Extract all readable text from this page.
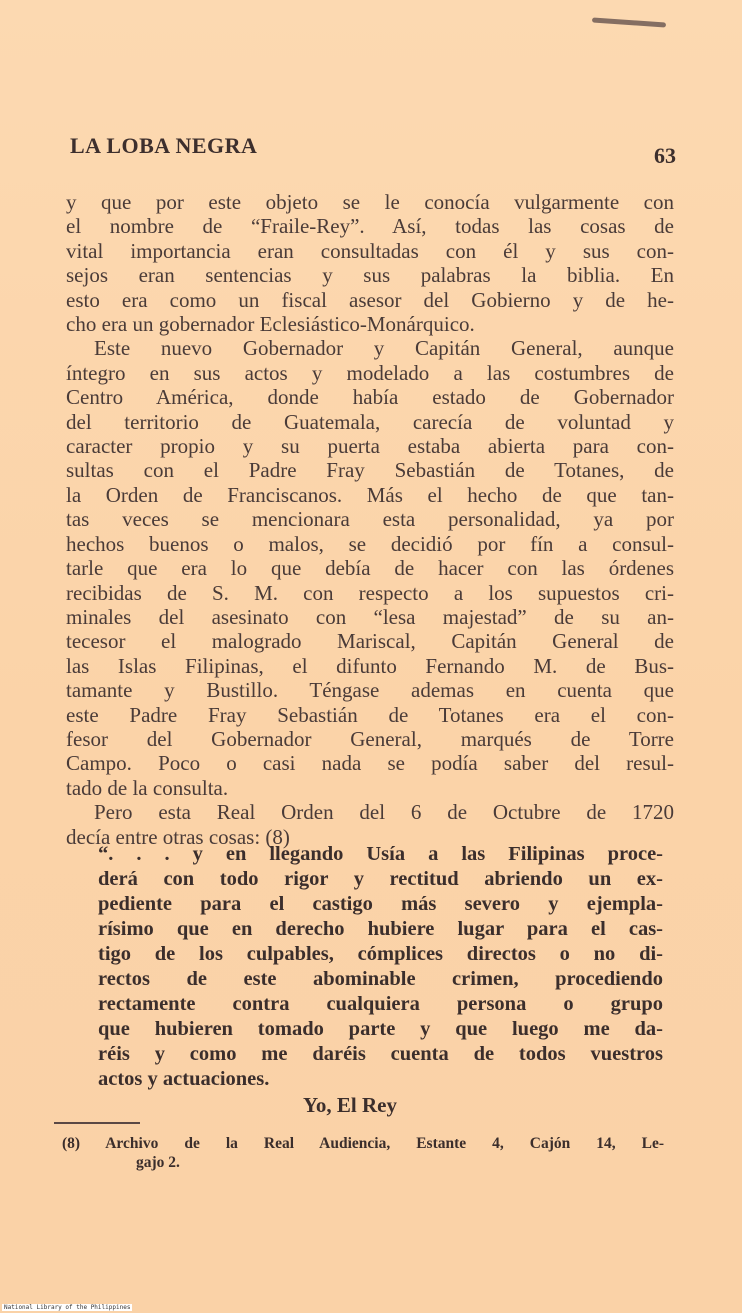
LA LOBA NEGRA	63
y que por este objeto se le conocía vulgarmente con
el nombre de “Fraile-Rey”. Así, todas las cosas de
vital importancia eran consultadas con él y sus con-
sejos eran sentencias y sus palabras la biblia. En
esto era como un fiscal asesor del Gobierno y de he-
cho era un gobernador Eclesiástico-Monárquico.
Este nuevo Gobernador y Capitán General, aunque
íntegro en sus actos y modelado a las costumbres de
Centro América, donde había estado de Gobernador
del territorio de Guatemala, carecía de voluntad y
caracter propio y su puerta estaba abierta para con-
sultas con el Padre Fray Sebastián de Totanes, de
la Orden de Franciscanos. Más el hecho de que tan-
tas veces se mencionara esta personalidad, ya por
hechos buenos o malos, se decidió por fín a consul-
tarle que era lo que debía de hacer con las órdenes
recibidas de S. M. con respecto a los supuestos cri-
minales del asesinato con “lesa majestad” de su an-
tecesor el malogrado Mariscal, Capitán General de
las Islas Filipinas, el difunto Fernando M. de Bus-
tamante y Bustillo. Téngase ademas en cuenta que
este Padre Fray Sebastián de Totanes era el con-
fesor del Gobernador General, marqués de Torre
Campo. Poco o casi nada se podía saber del resul-
tado de la consulta.
Pero esta Real Orden del 6 de Octubre de 1720
decía entre otras cosas: (8)
“. . . y en llegando Usía a las Filipinas proce-
derá con todo rigor y rectitud abriendo un ex-
pediente para el castigo más severo y ejempla-
rísimo que en derecho hubiere lugar para el cas-
tigo de los culpables, cómplices directos o no di-
rectos de este abominable crimen, procediendo
rectamente contra cualquiera persona o grupo
que hubieren tomado parte y que luego me da-
réis y como me daréis cuenta de todos vuestros
actos y actuaciones.
Yo, El Rey
(8) Archivo de la Real Audiencia, Estante 4, Cajón 14, Le-
gajo 2.
National Library of the Philippines
